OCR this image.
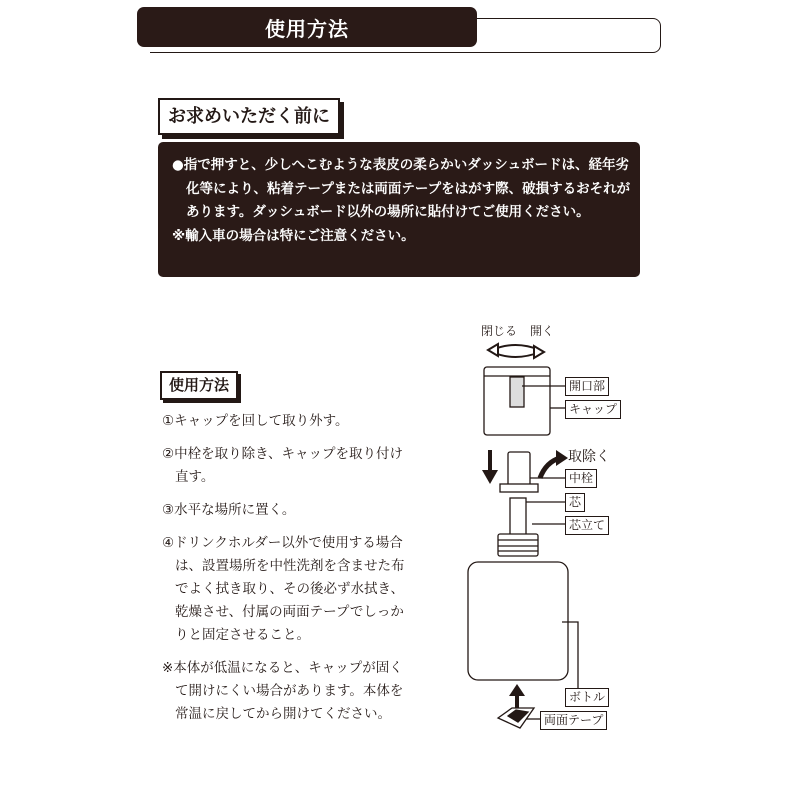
使用方法
お求めいただく前に
●指で押すと、少しへこむような表皮の柔らかいダッシュボードは、経年劣化等により、粘着テープまたは両面テープをはがす際、破損するおそれがあります。ダッシュボード以外の場所に貼付けてご使用ください。
※輸入車の場合は特にご注意ください。
使用方法
①キャップを回して取り外す。
②中栓を取り除き、キャップを取り付け直す。
③水平な場所に置く。
④ドリンクホルダー以外で使用する場合は、設置場所を中性洗剤を含ませた布でよく拭き取り、その後必ず水拭き、乾燥させ、付属の両面テープでしっかりと固定させること。
※本体が低温になると、キャップが固くて開けにくい場合があります。本体を常温に戻してから開けてください。
閉じる 開く
開口部
キャップ
取除く
中栓
芯
芯立て
ボトル
両面テープ
